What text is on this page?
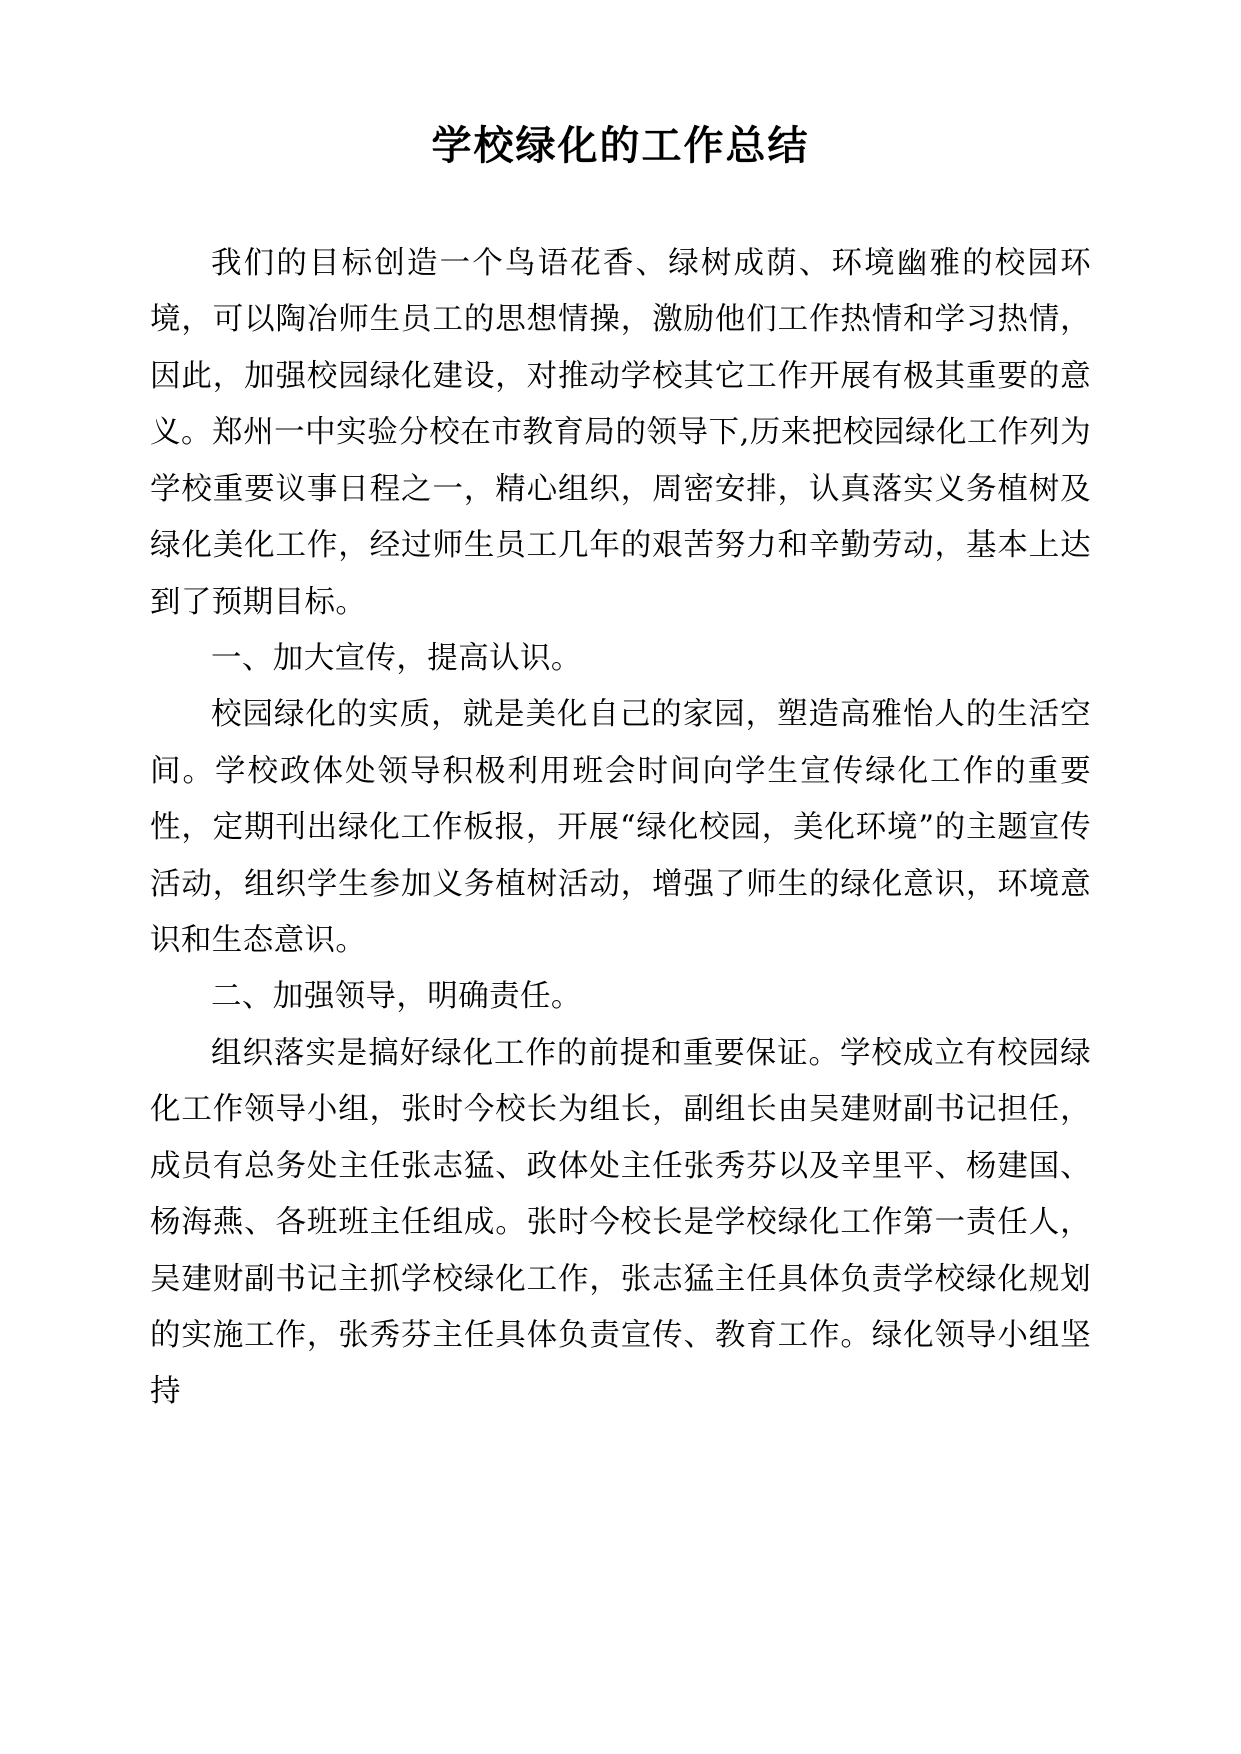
学校绿化的工作总结

我们的目标创造一个鸟语花香、绿树成荫、环境幽雅的校园环境，可以陶冶师生员工的思想情操，激励他们工作热情和学习热情，因此，加强校园绿化建设，对推动学校其它工作开展有极其重要的意义。郑州一中实验分校在市教育局的领导下,历来把校园绿化工作列为学校重要议事日程之一，精心组织，周密安排，认真落实义务植树及绿化美化工作，经过师生员工几年的艰苦努力和辛勤劳动，基本上达到了预期目标。

一、加大宣传，提高认识。

校园绿化的实质，就是美化自己的家园，塑造高雅怡人的生活空间。学校政体处领导积极利用班会时间向学生宣传绿化工作的重要性，定期刊出绿化工作板报，开展“绿化校园，美化环境”的主题宣传活动，组织学生参加义务植树活动，增强了师生的绿化意识，环境意识和生态意识。

二、加强领导，明确责任。

组织落实是搞好绿化工作的前提和重要保证。学校成立有校园绿化工作领导小组，张时今校长为组长，副组长由吴建财副书记担任，成员有总务处主任张志猛、政体处主任张秀芬以及辛里平、杨建国、杨海燕、各班班主任组成。张时今校长是学校绿化工作第一责任人，吴建财副书记主抓学校绿化工作，张志猛主任具体负责学校绿化规划的实施工作，张秀芬主任具体负责宣传、教育工作。绿化领导小组坚持
